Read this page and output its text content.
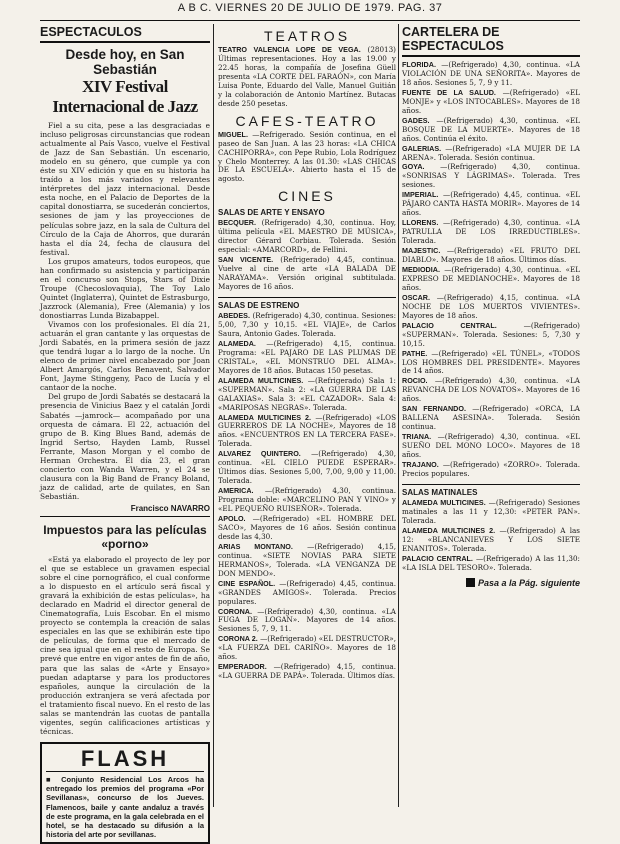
A B C. VIERNES 20 DE JULIO DE 1979. PAG. 37
ESPECTACULOS
Desde hoy, en San Sebastián
XIV Festival Internacional de Jazz

Fiel a su cita, pese a las desgraciadas e incluso peligrosas circunstancias que rodean actualmente al País Vasco, vuelve el Festival de Jazz de San Sebastián. Un escenario, modelo en su género, que cumple ya con éste su XIV edición y que en su historia ha traído a los más variados y relevantes intérpretes del jazz internacional. Desde esta noche, en el Palacio de Deportes de la capital donostiarra, se sucederán conciertos, sesiones de jam y las proyecciones de películas sobre jazz, en la sala de Cultura del Círculo de la Caja de Ahorros, que durarán hasta el día 24, fecha de clausura del festival.

Los grupos amateurs, todos europeos, que han confirmado su asistencia y participarán en el concurso son Stops, Stars of Dixie Troupe (Checoslovaquia), The Toy Lalo Quintet (Inglaterra), Quintet de Estrasburgo, Jazzrock (Alemania), Free (Alemania) y los donostiarras Lunda Bizabappel.

Vivamos con los profesionales. El día 21, actuarán el gran cantante y las orquestas de Jordi Sabatés, en la primera sesión de jazz que tendrá lugar a lo largo de la noche. Un elenco de primer nivel encabezado por Joan Albert Amargós, Carlos Benavent, Salvador Font, Jayme Stinggeny, Paco de Lucía y el cantaor de la noche.

Del grupo de Jordi Sabatés se destacará la presencia de Vinicius Baez y el catalán Jordi Sabatés —jamrock— acompañado por una orquesta de cámara. El 22, actuación del grupo de B. King Blues Band, además de Ingrid Sertso, Hayden Lamb, Russel Ferrante, Mason Morgan y el combo de Herman Orchestra. El día 23, el gran concierto con Wanda Warren, y el 24 se clausura con la Big Band de Francy Boland, jazz de calidad, arte de quilates, en San Sebastián.

Francisco NAVARRO
Impuestos para las películas «porno»

«Está ya elaborado el proyecto de ley por el que se establece un gravamen especial sobre el cine pornográfico, el cual conforme a lo dispuesto en el artículo será fiscal y gravará la exhibición de estas películas», ha declarado en Madrid el director general de Cinematografía, Luis Escobar. En el mismo proyecto se contempla la creación de salas especiales en las que se exhibirán este tipo de películas, de forma que el mercado de cine sea igual que en el resto de Europa. Se prevé que entre en vigor antes de fin de año, para que las salas de «Arte y Ensayo» puedan adaptarse y para los productores españoles, aunque la circulación de la producción extranjera se verá afectada por el tratamiento fiscal nuevo. En el resto de las salas se mantendrán las cuotas de pantalla vigentes, según calificaciones artísticas y técnicas.

FLASH
■ Conjunto Residencial Los Arcos ha entregado los premios del programa «Por Sevillanas», concurso de los Jueves. Flamencos, baile y cante andaluz a través de este programa, en la gala celebrada en el hotel, se ha destacado su difusión a la historia del arte por sevillanas.
TEATROS

TEATRO VALENCIA LOPE DE VEGA. (28013) Últimas representaciones. Hoy a las 19.00 y 22.45 horas, la compañía de Josefina Güell presenta «LA CORTE DEL FARAÓN», con María Luisa Ponte, Eduardo del Valle, Manuel Guitián y la colaboración de Antonio Martínez. Butacas desde 250 pesetas.

CAFES-TEATRO

MIGUEL. —Refrigerado. Sesión continua, en el paseo de San Juan. A las 23 horas: «LA CHICA CACHIPORRA», con Pepe Rubio, Lola Rodríguez y Chelo Monterrey. A las 01.30: «LAS CHICAS DE LA ESCUELA». Abierto hasta el 15 de agosto.

CINES
SALAS DE ARTE Y ENSAYO

BECQUER. (Refrigerado) 4,30, continua. Hoy, última película «EL MAESTRO DE MÚSICA», director Gérard Corbiau. Tolerada. Sesión especial: «AMARCORD», de Fellini.

SAN VICENTE. (Refrigerado) 4,45, continua. Vuelve al cine de arte «LA BALADA DE NARAYAMA». Versión original subtitulada. Mayores de 16 años.

SALAS DE ESTRENO

ABEDES. (Refrigerado) 4,30, continua. Sesiones: 5,00, 7,30 y 10,15. «EL VIAJE», de Carlos Saura, Antonio Gades. Tolerada.

ALAMEDA. —(Refrigerado) 4,15, continua. Programa: «EL PAJARO DE LAS PLUMAS DE CRISTAL», «EL MONSTRUO DEL ALMA». Mayores de 18 años. Butacas 150 pesetas.

ALAMEDA MULTICINES. —(Refrigerado) Sala 1: «SUPERMAN». Sala 2: «LA GUERRA DE LAS GALAXIAS». Sala 3: «EL CAZADOR». Sala 4: «MARIPOSAS NEGRAS». Tolerada.

ALAMEDA MULTICINES 2. —(Refrigerado) «LOS GUERREROS DE LA NOCHE», Mayores de 18 años. «ENCUENTROS EN LA TERCERA FASE». Tolerada.

ALVAREZ QUINTERO. —(Refrigerado) 4,30, continua. «EL CIELO PUEDE ESPERAR». Últimos días. Sesiones 5,00, 7,00, 9,00 y 11,00. Tolerada.

AMERICA. —(Refrigerado) 4,30, continua. Programa doble: «MARCELINO PAN Y VINO» y «EL PEQUEÑO RUISEÑOR». Tolerada.

APOLO. —(Refrigerado) «EL HOMBRE DEL SACO», Mayores de 16 años. Sesión continua desde las 4,30.

ARIAS MONTANO. —(Refrigerado) 4,15, continua. «SIETE NOVIAS PARA SIETE HERMANOS», Tolerada. «LA VENGANZA DE DON MENDO».

CINE ESPAÑOL. —(Refrigerado) 4,45, continua. «GRANDES AMIGOS». Tolerada. Precios populares.

CORONA. —(Refrigerado) 4,30, continua. «LA FUGA DE LOGAN». Mayores de 14 años. Sesiones 5, 7, 9, 11.

CORONA 2. —(Refrigerado) «EL DESTRUCTOR», «LA FUERZA DEL CARIÑO». Mayores de 18 años.

EMPERADOR. —(Refrigerado) 4,15, continua. «LA GUERRA DE PAPÁ». Tolerada. Últimos días.

CARTELERA DE ESPECTACULOS

FLORIDA. —(Refrigerado) 4,30, continua. «LA VIOLACIÓN DE UNA SEÑORITA». Mayores de 18 años. Sesiones 5, 7, 9 y 11.

FUENTE DE LA SALUD. —(Refrigerado) «EL MONJE» y «LOS INTOCABLES». Mayores de 18 años.

GADES. —(Refrigerado) 4,30, continua. «EL BOSQUE DE LA MUERTE». Mayores de 18 años. Continúa el éxito.

GALERIAS. —(Refrigerado) «LA MUJER DE LA ARENA». Tolerada. Sesión continua.

GOYA. —(Refrigerado) 4,30, continua. «SONRISAS Y LÁGRIMAS». Tolerada. Tres sesiones.

IMPERIAL. —(Refrigerado) 4,45, continua. «EL PÁJARO CANTA HASTA MORIR». Mayores de 14 años.

LLORENS. —(Refrigerado) 4,30, continua. «LA PATRULLA DE LOS IRREDUCTIBLES». Tolerada.

MAJESTIC. —(Refrigerado) «EL FRUTO DEL DIABLO». Mayores de 18 años. Últimos días.

MEDIODIA. —(Refrigerado) 4,30, continua. «EL EXPRESO DE MEDIANOCHE». Mayores de 18 años.

OSCAR. —(Refrigerado) 4,15, continua. «LA NOCHE DE LOS MUERTOS VIVIENTES». Mayores de 18 años.

PALACIO CENTRAL.	—(Refrigerado) «SUPERMAN». Tolerada. Sesiones: 5, 7,30 y 10,15.

PATHE. —(Refrigerado) «EL TÚNEL», «TODOS LOS HOMBRES DEL PRESIDENTE». Mayores de 14 años.

ROCIO. —(Refrigerado) 4,30, continua. «LA REVANCHA DE LOS NOVATOS». Mayores de 16 años.

SAN FERNANDO. —(Refrigerado) «ORCA, LA BALLENA ASESINA». Tolerada. Sesión continua.

TRIANA. —(Refrigerado) 4,30, continua. «EL SUEÑO DEL MONO LOCO». Mayores de 18 años.

TRAJANO. —(Refrigerado) «ZORRO». Tolerada. Precios populares.

SALAS MATINALES

ALAMEDA MULTICINES. —(Refrigerado) Sesiones matinales a las 11 y 12,30: «PETER PAN». Tolerada.

ALAMEDA MULTICINES 2. —(Refrigerado) A las 12: «BLANCANIEVES Y LOS SIETE ENANITOS». Tolerada.

PALACIO CENTRAL. —(Refrigerado) A las 11,30: «LA ISLA DEL TESORO». Tolerada.

Pasa a la Pág. siguiente
